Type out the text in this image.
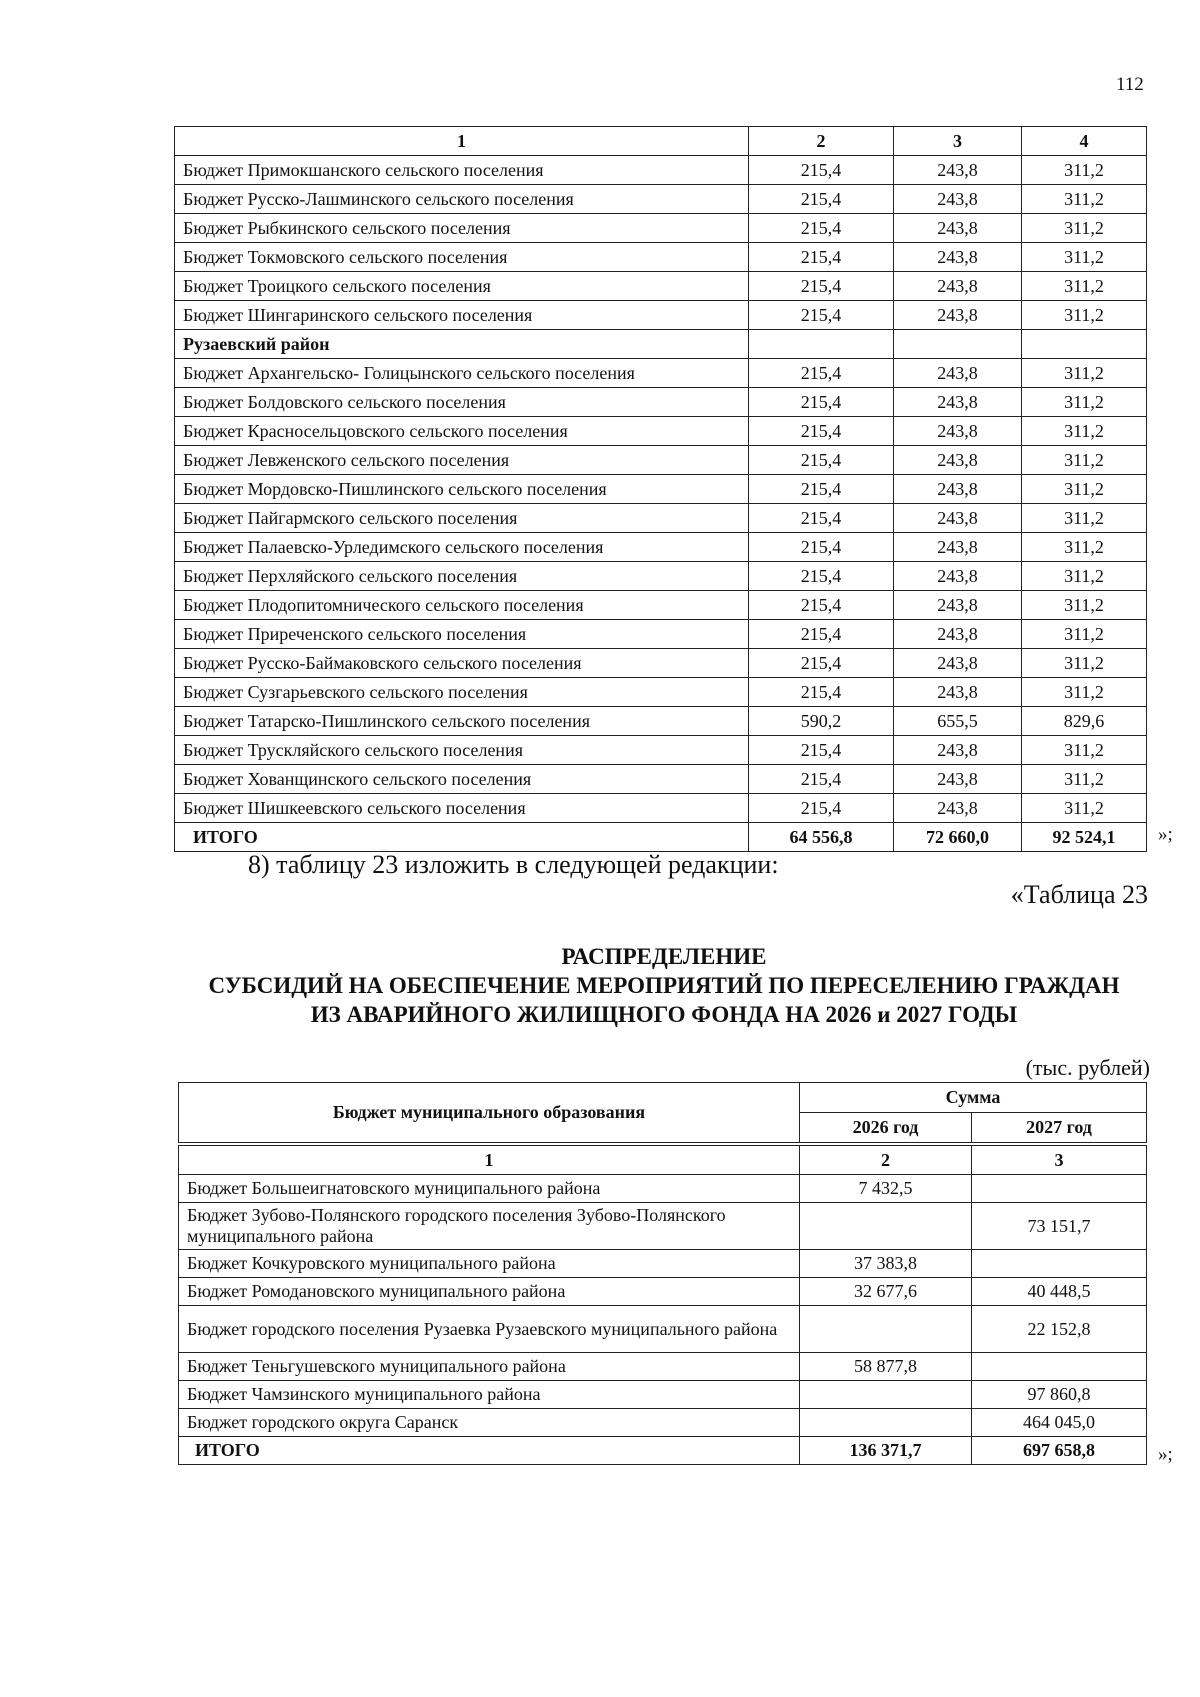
112
1	2	3	4
Бюджет Примокшанского сельского поселения	215,4	243,8	311,2
Бюджет Русско-Лашминского сельского поселения	215,4	243,8	311,2
Бюджет Рыбкинского сельского поселения	215,4	243,8	311,2
Бюджет Токмовского сельского поселения	215,4	243,8	311,2
Бюджет Троицкого сельского поселения	215,4	243,8	311,2
Бюджет Шингаринского сельского поселения	215,4	243,8	311,2
Рузаевский район			
Бюджет Архангельско- Голицынского сельского поселения	215,4	243,8	311,2
Бюджет Болдовского сельского поселения	215,4	243,8	311,2
Бюджет Красносельцовского сельского поселения	215,4	243,8	311,2
Бюджет Левженского сельского поселения	215,4	243,8	311,2
Бюджет Мордовско-Пишлинского сельского поселения	215,4	243,8	311,2
Бюджет Пайгармского сельского поселения	215,4	243,8	311,2
Бюджет Палаевско-Урледимского сельского поселения	215,4	243,8	311,2
Бюджет Перхляйского сельского поселения	215,4	243,8	311,2
Бюджет Плодопитомнического сельского поселения	215,4	243,8	311,2
Бюджет Приреченского сельского поселения	215,4	243,8	311,2
Бюджет Русско-Баймаковского сельского поселения	215,4	243,8	311,2
Бюджет Сузгарьевского сельского поселения	215,4	243,8	311,2
Бюджет Татарско-Пишлинского сельского поселения	590,2	655,5	829,6
Бюджет Трускляйского сельского поселения	215,4	243,8	311,2
Бюджет Хованщинского сельского поселения	215,4	243,8	311,2
Бюджет Шишкеевского сельского поселения	215,4	243,8	311,2
ИТОГО	64 556,8	72 660,0	92 524,1 »;
8) таблицу 23 изложить в следующей редакции:
«Таблица 23
РАСПРЕДЕЛЕНИЕ
СУБСИДИЙ НА ОБЕСПЕЧЕНИЕ МЕРОПРИЯТИЙ ПО ПЕРЕСЕЛЕНИЮ ГРАЖДАН
ИЗ АВАРИЙНОГО ЖИЛИЩНОГО ФОНДА НА 2026 и 2027 ГОДЫ
(тыс. рублей)
Бюджет муниципального образования	Сумма	
	2026 год	2027 год
1	2	3
Бюджет Большеигнатовского муниципального района	7 432,5	
Бюджет Зубово-Полянского городского поселения Зубово-Полянского муниципального района		73 151,7
Бюджет Кочкуровского муниципального района	37 383,8	
Бюджет Ромодановского муниципального района	32 677,6	40 448,5
Бюджет городского поселения Рузаевка Рузаевского муниципального района		22 152,8
Бюджет Теньгушевского муниципального района	58 877,8	
Бюджет Чамзинского муниципального района		97 860,8
Бюджет городского округа Саранск		464 045,0
ИТОГО	136 371,7	697 658,8	»;
